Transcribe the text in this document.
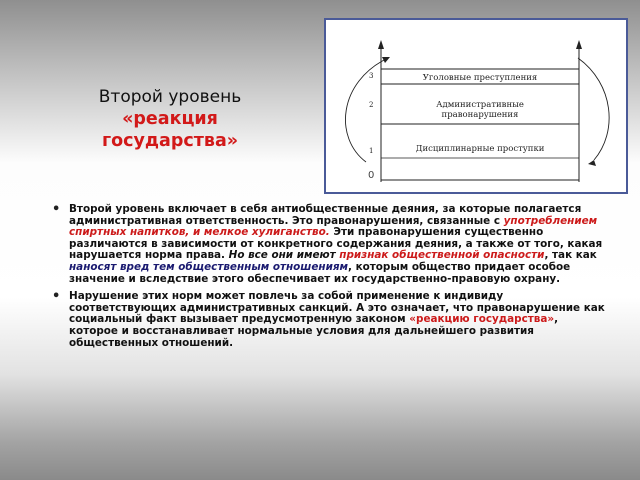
Второй уровень
«реакция государства»
3
2
1
0
Уголовные преступления
Административные
правонарушения
Дисциплинарные проступки
• Второй уровень включает в себя антиобщественные деяния, за которые полагается административная ответственность. Это правонарушения, связанные с употреблением спиртных напитков, и мелкое хулиганство. Эти правонарушения существенно различаются в зависимости от конкретного содержания деяния, а также от того, какая нарушается норма права. Но все они имеют признак общественной опасности, так как наносят вред тем общественным отношениям, которым общество придает особое значение и вследствие этого обеспечивает их государственно-правовую охрану.
• Нарушение этих норм может повлечь за собой применение к индивиду соответствующих административных санкций. А это означает, что правонарушение как социальный факт вызывает предусмотренную законом «реакцию государства», которое и восстанавливает нормальные условия для дальнейшего развития общественных отношений.
